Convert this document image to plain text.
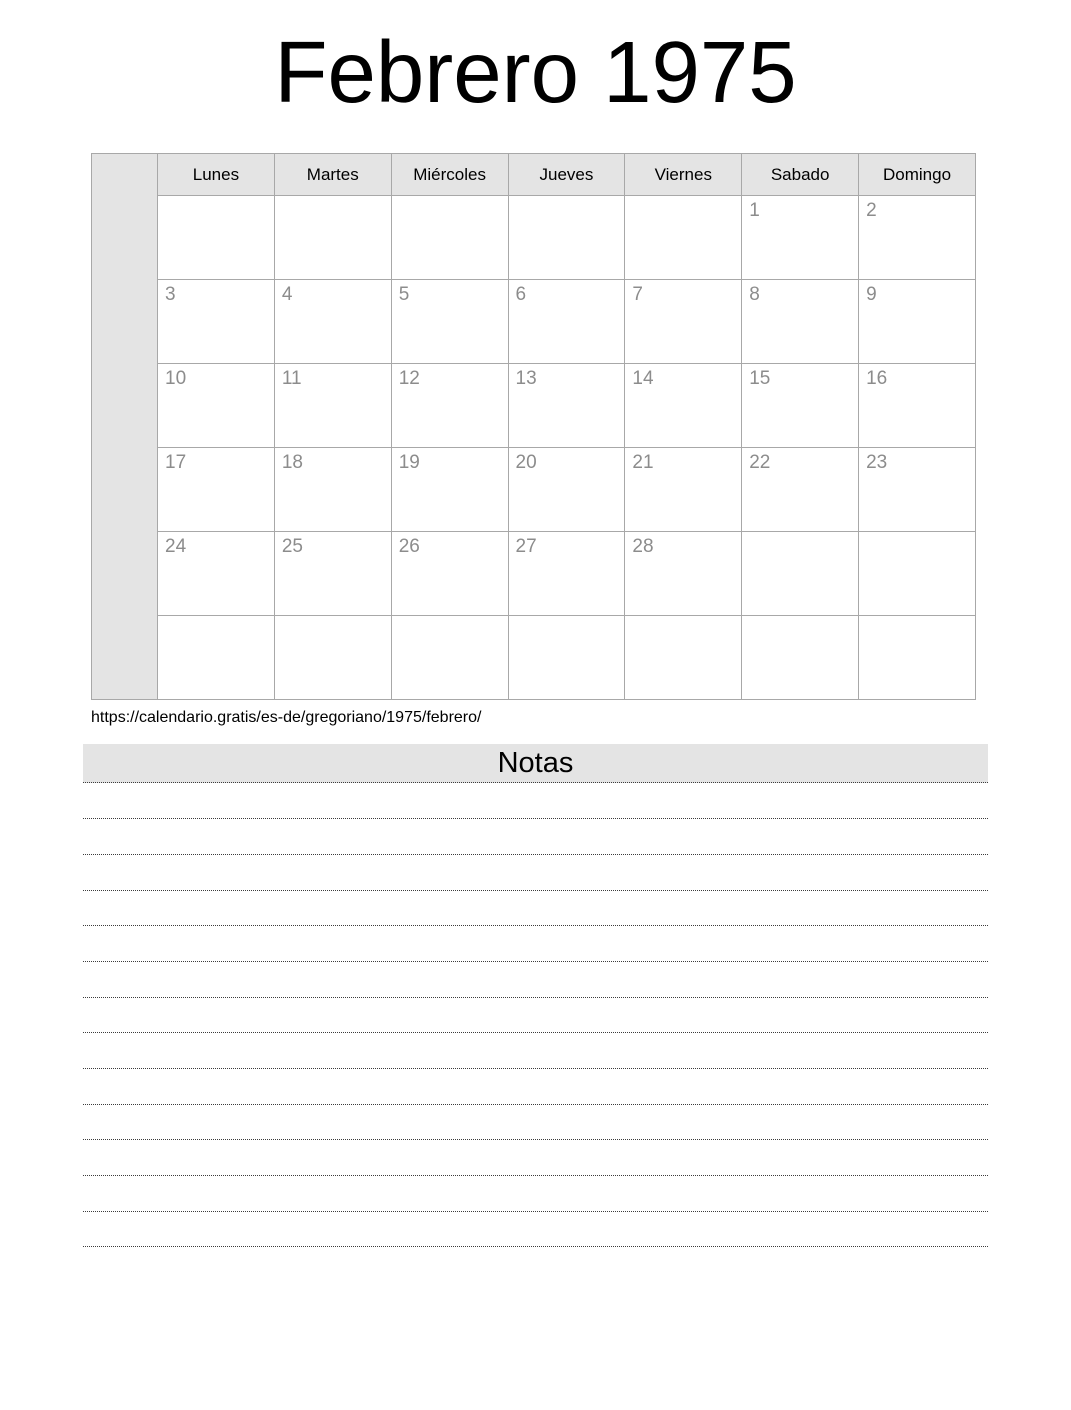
Febrero 1975
	Lunes	Martes	Miércoles	Jueves	Viernes	Sabado	Domingo
						1	2
	3	4	5	6	7	8	9
	10	11	12	13	14	15	16
	17	18	19	20	21	22	23
	24	25	26	27	28		

https://calendario.gratis/es-de/gregoriano/1975/febrero/
Notas
